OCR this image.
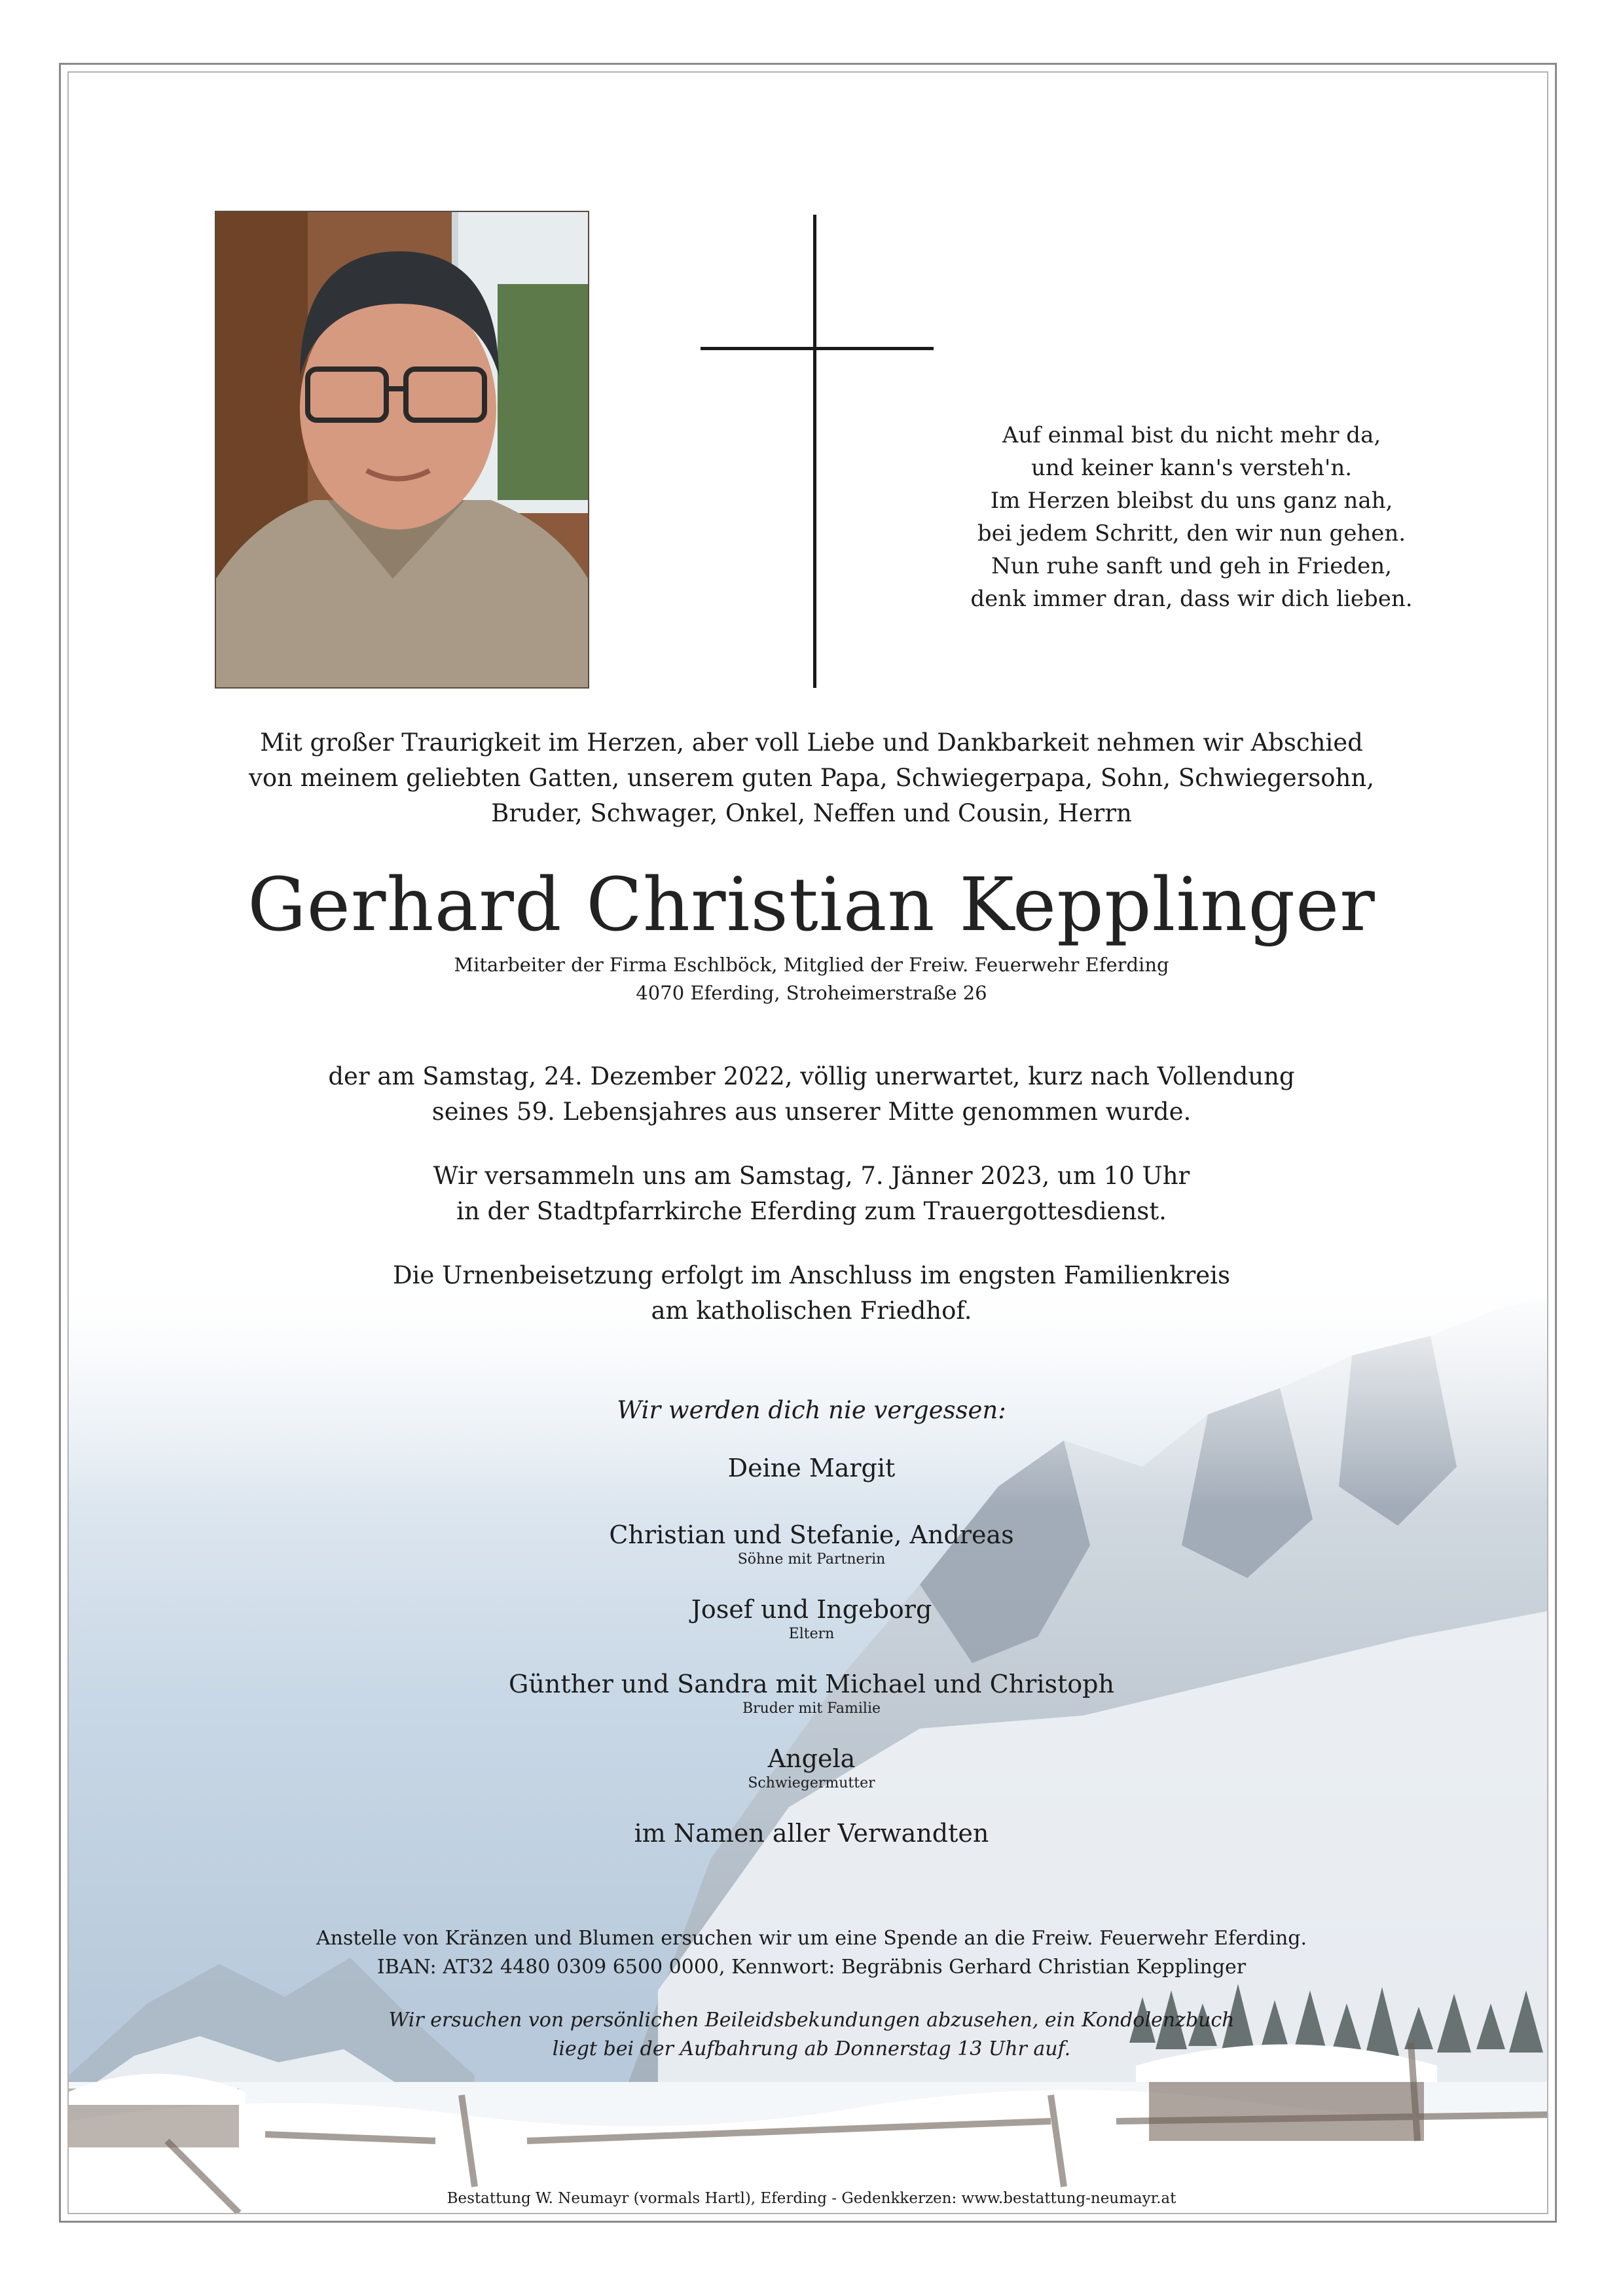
Auf einmal bist du nicht mehr da,
und keiner kann's versteh'n.
Im Herzen bleibst du uns ganz nah,
bei jedem Schritt, den wir nun gehen.
Nun ruhe sanft und geh in Frieden,
denk immer dran, dass wir dich lieben.
Mit großer Traurigkeit im Herzen, aber voll Liebe und Dankbarkeit nehmen wir Abschied
von meinem geliebten Gatten, unserem guten Papa, Schwiegerpapa, Sohn, Schwiegersohn,
Bruder, Schwager, Onkel, Neffen und Cousin, Herrn
Gerhard Christian Kepplinger
Mitarbeiter der Firma Eschlböck, Mitglied der Freiw. Feuerwehr Eferding
4070 Eferding, Stroheimerstraße 26
der am Samstag, 24. Dezember 2022, völlig unerwartet, kurz nach Vollendung
seines 59. Lebensjahres aus unserer Mitte genommen wurde.
Wir versammeln uns am Samstag, 7. Jänner 2023, um 10 Uhr
in der Stadtpfarrkirche Eferding zum Trauergottesdienst.
Die Urnenbeisetzung erfolgt im Anschluss im engsten Familienkreis
am katholischen Friedhof.
Wir werden dich nie vergessen:
Deine Margit
Christian und Stefanie, Andreas
Söhne mit Partnerin
Josef und Ingeborg
Eltern
Günther und Sandra mit Michael und Christoph
Bruder mit Familie
Angela
Schwiegermutter
im Namen aller Verwandten
Anstelle von Kränzen und Blumen ersuchen wir um eine Spende an die Freiw. Feuerwehr Eferding.
IBAN: AT32 4480 0309 6500 0000, Kennwort: Begräbnis Gerhard Christian Kepplinger
Wir ersuchen von persönlichen Beileidsbekundungen abzusehen, ein Kondolenzbuch
liegt bei der Aufbahrung ab Donnerstag 13 Uhr auf.
Bestattung W. Neumayr (vormals Hartl), Eferding - Gedenkkerzen: www.bestattung-neumayr.at
